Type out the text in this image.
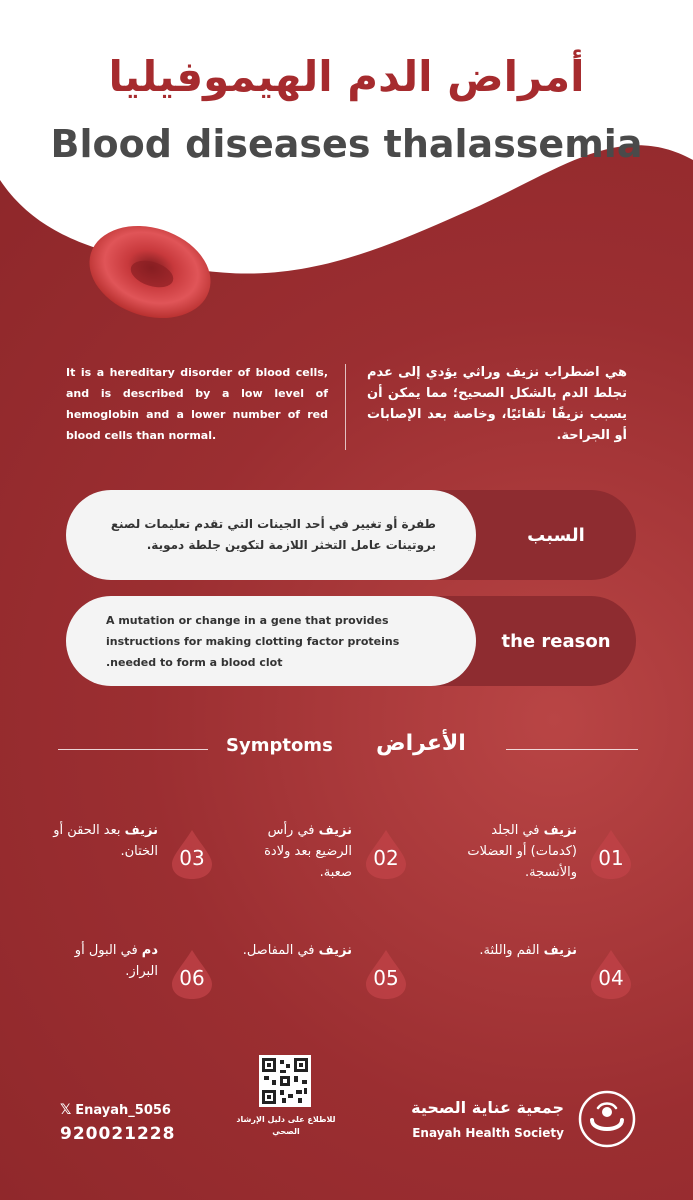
أمراض الدم الهيموفيليا
Blood diseases thalassemia
It is a hereditary disorder of blood cells, and is described by a low level of hemoglobin and a lower number of red blood cells than normal.
هي اضطراب نزيف وراثي يؤدي إلى عدم تجلط الدم بالشكل الصحيح؛ مما يمكن أن يسبب نزيفًا تلقائيًا، وخاصة بعد الإصابات أو الجراحة.
طفرة أو تغيير في أحد الجينات التي تقدم تعليمات لصنع بروتينات عامل التخثر اللازمة لتكوين جلطة دموية.	السبب
A mutation or change in a gene that provides instructions for making clotting factor proteins .needed to form a blood clot
the reason
Symptoms الأعراض
01
نزيف في الجلد (كدمات) أو العضلات والأنسجة.
02
نزيف في رأس الرضيع بعد ولادة صعبة.
03
نزيف بعد الحقن أو الختان.
04
نزيف الفم واللثة.
05
نزيف في المفاصل.
06
دم في البول أو البراز.
للاطلاع على دليل الإرشاد الصحي
𝕏 Enayah_5056
920021228
جمعية عناية الصحية
Enayah Health Society
